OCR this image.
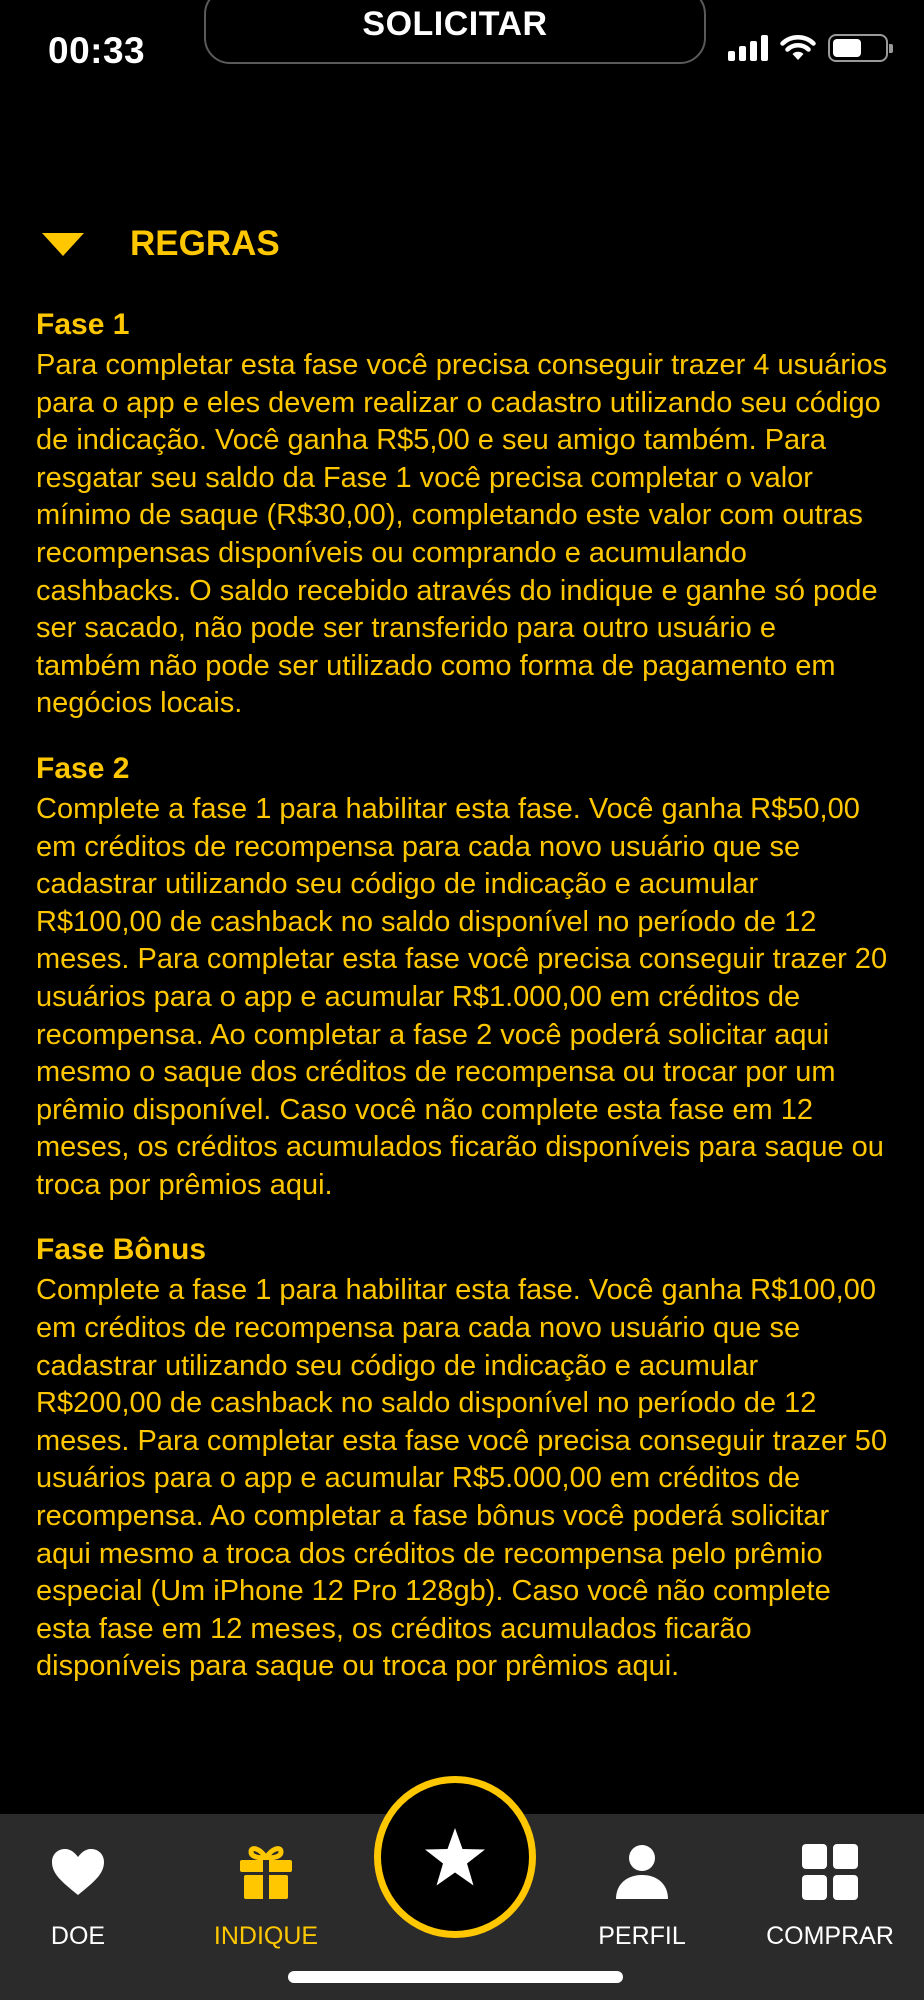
00:33
SOLICITAR
REGRAS
Fase 1
Para completar esta fase você precisa conseguir trazer 4 usuários para o app e eles devem realizar o cadastro utilizando seu código de indicação. Você ganha R$5,00 e seu amigo também. Para resgatar seu saldo da Fase 1 você precisa completar o valor mínimo de saque (R$30,00), completando este valor com outras recompensas disponíveis ou comprando e acumulando cashbacks. O saldo recebido através do indique e ganhe só pode ser sacado, não pode ser transferido para outro usuário e também não pode ser utilizado como forma de pagamento em negócios locais.
Fase 2
Complete a fase 1 para habilitar esta fase. Você ganha R$50,00 em créditos de recompensa para cada novo usuário que se cadastrar utilizando seu código de indicação e acumular R$100,00 de cashback no saldo disponível no período de 12 meses. Para completar esta fase você precisa conseguir trazer 20 usuários para o app e acumular R$1.000,00 em créditos de recompensa. Ao completar a fase 2 você poderá solicitar aqui mesmo o saque dos créditos de recompensa ou trocar por um prêmio disponível. Caso você não complete esta fase em 12 meses, os créditos acumulados ficarão disponíveis para saque ou troca por prêmios aqui.
Fase Bônus
Complete a fase 1 para habilitar esta fase. Você ganha R$100,00 em créditos de recompensa para cada novo usuário que se cadastrar utilizando seu código de indicação e acumular R$200,00 de cashback no saldo disponível no período de 12 meses. Para completar esta fase você precisa conseguir trazer 50 usuários para o app e acumular R$5.000,00 em créditos de recompensa. Ao completar a fase bônus você poderá solicitar aqui mesmo a troca dos créditos de recompensa pelo prêmio especial (Um iPhone 12 Pro 128gb). Caso você não complete esta fase em 12 meses, os créditos acumulados ficarão disponíveis para saque ou troca por prêmios aqui.
DOE	INDIQUE	PERFIL	COMPRAR
